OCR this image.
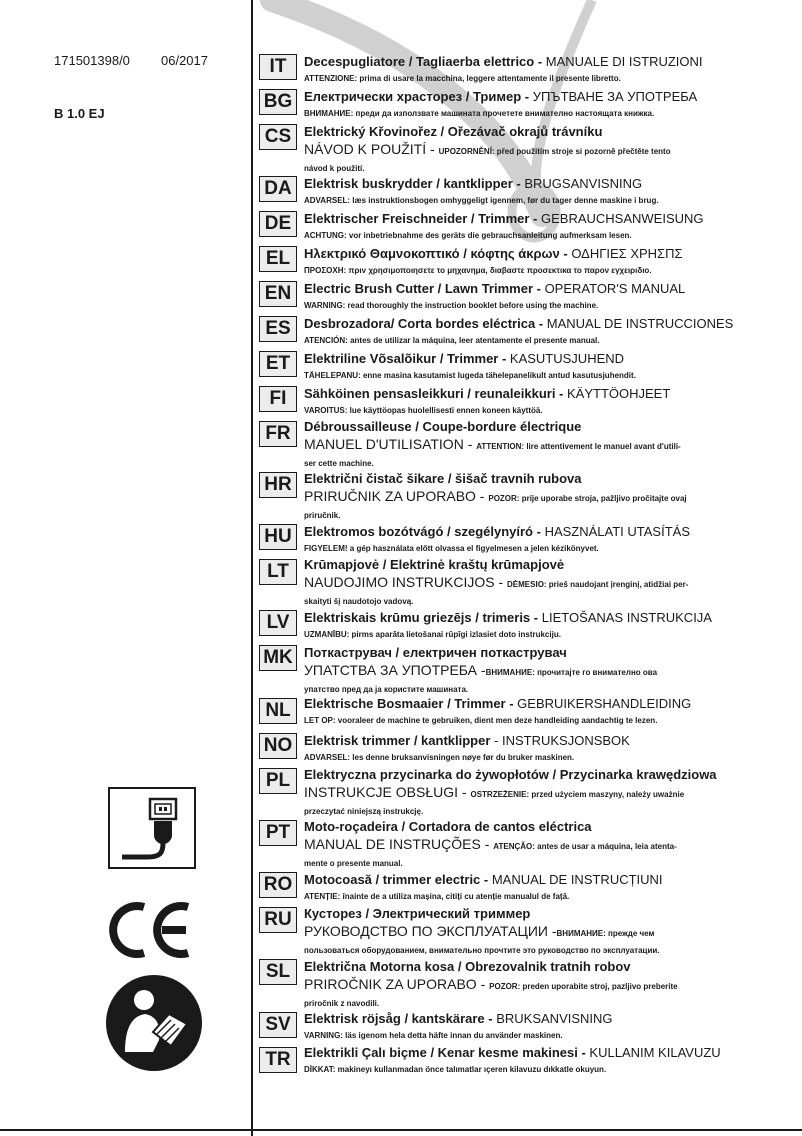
171501398/0 06/2017
B 1.0 EJ
IT	Decespugliatore / Tagliaerba elettrico - MANUALE DI ISTRUZIONI
ATTENZIONE: prima di usare la macchina, leggere attentamente il presente libretto.
BG Електрически храсторез / Тример - УПЪТВАНЕ ЗА УПОТРЕБА
ВНИМАНИЕ: преди да използвате машината прочетете внимателно настоящата книжка.
CS Elektrický Křovinořez / Ořezávač okrajů trávníku
NÁVOD K POUŽITÍ - UPOZORNĚNÍ: před použitím stroje si pozorně přečtěte tento
návod k použití.
DA Elektrisk buskrydder / kantklipper - BRUGSANVISNING
ADVARSEL: læs instruktionsbogen omhyggeligt igennem, før du tager denne maskine i brug.
DE Elektrischer Freischneider / Trimmer - GEBRAUCHSANWEISUNG
ACHTUNG: vor inbetriebnahme des geräts die gebrauchsanleitung aufmerksam lesen.
EL	Ηλεκτρικό Θαμνοκοπτικό / κόφτης άκρων - ΟΔΗΓΙΕΣ ΧΡΗΣΠΣ
ΠΡΟΣΟΧΗ: πριν χρησιμοποιησετε το μηχανημα, διαβαστε προσεκτικα το παρον εγχειριδιο.
EN Electric Brush Cutter / Lawn Trimmer - OPERATOR'S MANUAL
WARNING: read thoroughly the instruction booklet before using the machine.
ES	Desbrozadora/ Corta bordes eléctrica - MANUAL DE INSTRUCCIONES
ATENCIÓN: antes de utilizar la máquina, leer atentamente el presente manual.
ET	Elektriline Võsalõikur / Trimmer - KASUTUSJUHEND
TÄHELEPANU: enne masina kasutamist lugeda tähelepanelikult antud kasutusjuhendit.
FI	Sähköinen pensasleikkuri / reunaleikkuri - KÄYTTÖOHJEET
VAROITUS: lue käyttöopas huolellisesti ennen koneen käyttöä.
FR	Débroussailleuse / Coupe-bordure électrique
MANUEL D'UTILISATION - ATTENTION: lire attentivement le manuel avant d'utili-
ser cette machine.
HR Električni čistač šikare / šišač travnih rubova
PRIRUČNIK ZA UPORABO - POZOR: prije uporabe stroja, pažljivo pročitajte ovaj
priručnik.
HU Elektromos bozótvágó / szegélynyíró - HASZNÁLATI UTASÍTÁS
FIGYELEM! a gép használata előtt olvassa el figyelmesen a jelen kézikönyvet.
LT	Krūmapjovė / Elektrinė kraštų krūmapjovė
NAUDOJIMO INSTRUKCIJOS - DĖMESIO: prieš naudojant įrenginį, atidžiai per-
skaityti šį naudotojo vadovą.
LV	Elektriskais krūmu griezējs / trimeris - LIETOŠANAS INSTRUKCIJA
UZMANĪBU: pirms aparāta lietošanai rūpīgi izlasiet doto instrukciju.
MK Поткаструвач / електричен поткаструвач
УПАТСТВА ЗА УПОТРЕБА -ВНИМАНИЕ: прочитајте го внимателно ова
упатство пред да ја користите машината.
NL	Elektrische Bosmaaier / Trimmer - GEBRUIKERSHANDLEIDING
LET OP: vooraleer de machine te gebruiken, dient men deze handleiding aandachtig te lezen.
NO Elektrisk trimmer / kantklipper - INSTRUKSJONSBOK
ADVARSEL: les denne bruksanvisningen nøye før du bruker maskinen.
PL	Elektryczna przycinarka do żywopłotów / Przycinarka krawędziowa
INSTRUKCJE OBSŁUGI - OSTRZEŻENIE: przed użyciem maszyny, należy uważnie
przeczytać niniejszą instrukcję.
PT	Moto-roçadeira / Cortadora de cantos eléctrica
MANUAL DE INSTRUÇÕES - ATENÇÃO: antes de usar a máquina, leia atenta-
mente o presente manual.
RO Motocoasă / trimmer electric - MANUAL DE INSTRUCȚIUNI
ATENȚIE: înainte de a utiliza mașina, citiți cu atenție manualul de față.
RU Кусторез / Электрический триммер
РУКОВОДСТВО ПО ЭКСПЛУАТАЦИИ -ВНИМАНИЕ: прежде чем
пользоваться оборудованием, внимательно прочтите это руководство по эксплуатации.
SL	Električna Motorna kosa / Obrezovalnik tratnih robov
PRIROČNIK ZA UPORABO - POZOR: preden uporabite stroj, pazljivo preberite
priročnik z navodili.
SV	Elektrisk röjsåg / kantskärare - BRUKSANVISNING
VARNING: läs igenom hela detta häfte innan du använder maskinen.
TR	Elektrikli Çalı biçme / Kenar kesme makinesi - KULLANIM KILAVUZU
DİKKAT: makineyı kullanmadan önce talımatlar ıçeren kilavuzu dıkkatle okuyun.
